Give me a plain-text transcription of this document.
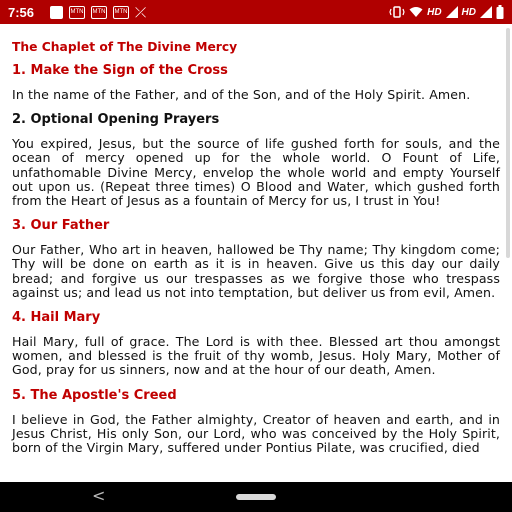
7:56	MTN MTN MTN ⤫	HD HD
The Chaplet of The Divine Mercy
1. Make the Sign of the Cross

In the name of the Father, and of the Son, and of the Holy Spirit. Amen.

2. Optional Opening Prayers

You expired, Jesus, but the source of life gushed forth for souls, and the ocean of mercy opened up for the whole world. O Fount of Life, unfathomable Divine Mercy, envelop the whole world and empty Yourself out upon us. (Repeat three times) O Blood and Water, which gushed forth from the Heart of Jesus as a fountain of Mercy for us, I trust in You!

3. Our Father

Our Father, Who art in heaven, hallowed be Thy name; Thy kingdom come; Thy will be done on earth as it is in heaven. Give us this day our daily bread; and forgive us our trespasses as we forgive those who trespass against us; and lead us not into temptation, but deliver us from evil, Amen.

4. Hail Mary

Hail Mary, full of grace. The Lord is with thee. Blessed art thou amongst women, and blessed is the fruit of thy womb, Jesus. Holy Mary, Mother of God, pray for us sinners, now and at the hour of our death, Amen.

5. The Apostle's Creed

I believe in God, the Father almighty, Creator of heaven and earth, and in Jesus Christ, His only Son, our Lord, who was conceived by the Holy Spirit, born of the Virgin Mary, suffered under Pontius Pilate, was crucified, died

<
